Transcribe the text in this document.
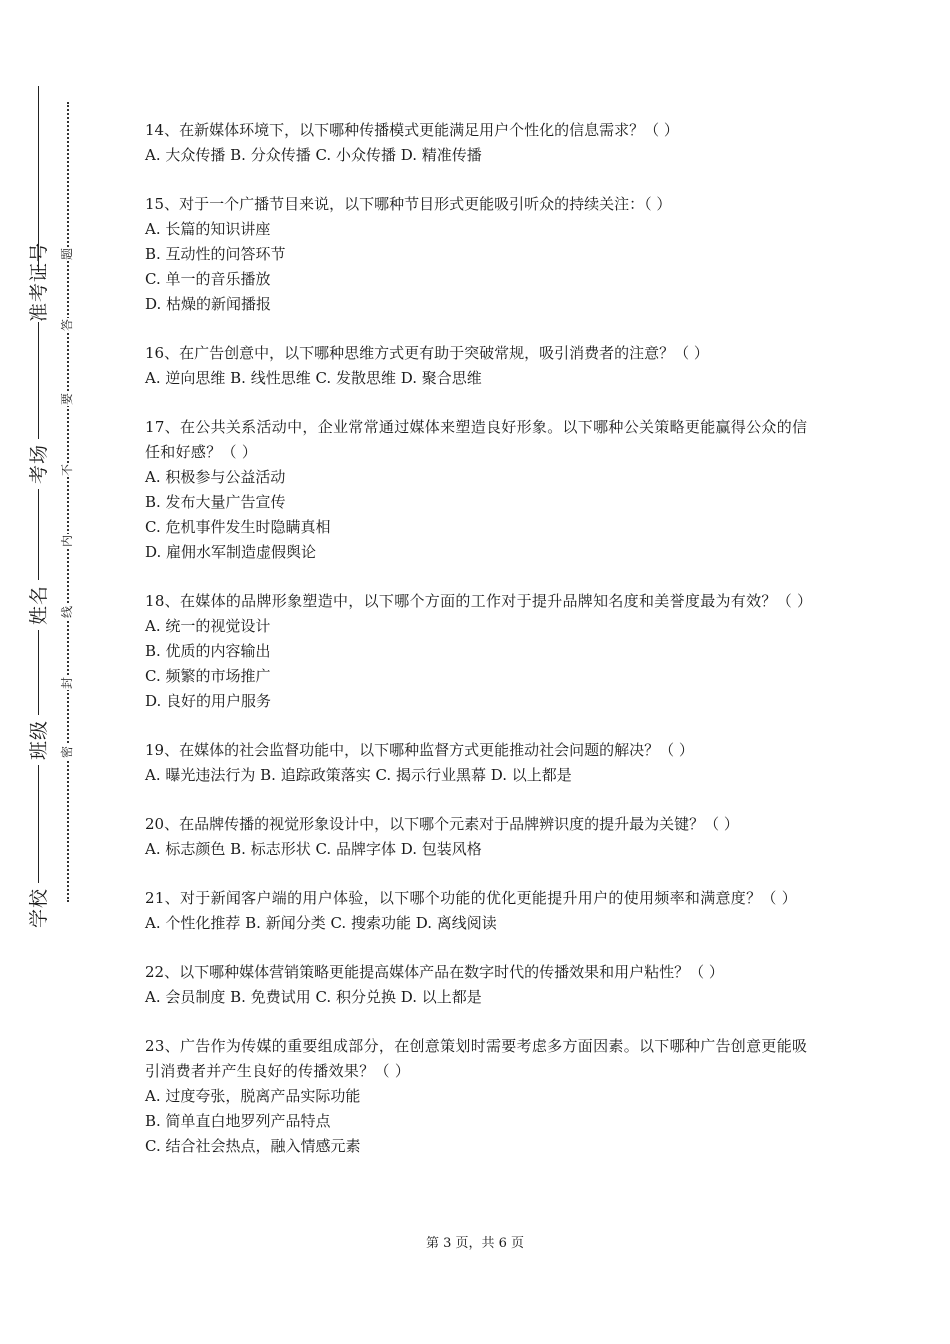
学校
班级
姓名
考场
准考证号
密
封
线
内
不
要
答
题
14、在新媒体环境下，以下哪种传播模式更能满足用户个性化的信息需求？（ ）
A. 大众传播 B. 分众传播 C. 小众传播 D. 精准传播
15、对于一个广播节目来说，以下哪种节目形式更能吸引听众的持续关注：（ ）
A. 长篇的知识讲座
B. 互动性的问答环节
C. 单一的音乐播放
D. 枯燥的新闻播报
16、在广告创意中，以下哪种思维方式更有助于突破常规，吸引消费者的注意？（ ）
A. 逆向思维 B. 线性思维 C. 发散思维 D. 聚合思维
17、在公共关系活动中，企业常常通过媒体来塑造良好形象。以下哪种公关策略更能赢得公众的信任和好感？（ ）
A. 积极参与公益活动
B. 发布大量广告宣传
C. 危机事件发生时隐瞒真相
D. 雇佣水军制造虚假舆论
18、在媒体的品牌形象塑造中，以下哪个方面的工作对于提升品牌知名度和美誉度最为有效？（ ）
A. 统一的视觉设计
B. 优质的内容输出
C. 频繁的市场推广
D. 良好的用户服务
19、在媒体的社会监督功能中，以下哪种监督方式更能推动社会问题的解决？（ ）
A. 曝光违法行为 B. 追踪政策落实 C. 揭示行业黑幕 D. 以上都是
20、在品牌传播的视觉形象设计中，以下哪个元素对于品牌辨识度的提升最为关键？（ ）
A. 标志颜色 B. 标志形状 C. 品牌字体 D. 包装风格
21、对于新闻客户端的用户体验，以下哪个功能的优化更能提升用户的使用频率和满意度？（ ）
A. 个性化推荐 B. 新闻分类 C. 搜索功能 D. 离线阅读
22、以下哪种媒体营销策略更能提高媒体产品在数字时代的传播效果和用户粘性？（ ）
A. 会员制度 B. 免费试用 C. 积分兑换 D. 以上都是
23、广告作为传媒的重要组成部分，在创意策划时需要考虑多方面因素。以下哪种广告创意更能吸引消费者并产生良好的传播效果？（ ）
A. 过度夸张，脱离产品实际功能
B. 简单直白地罗列产品特点
C. 结合社会热点，融入情感元素
第 3 页，共 6 页
